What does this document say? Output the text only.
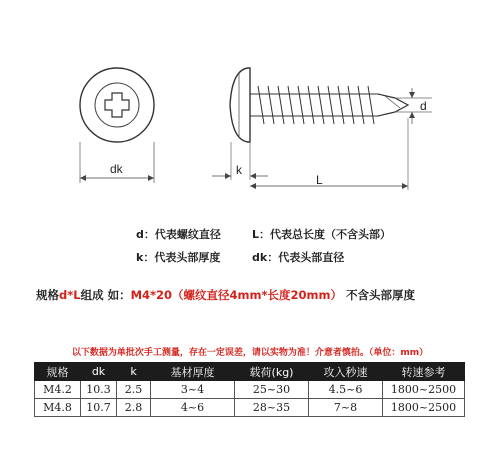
dk	k
L
d
d：代表螺纹直径	L：代表总长度（不含头部）
k：代表头部厚度	dk：代表头部直径
规格d*L组成 如：M4*20（螺纹直径4mm*长度20mm） 不含头部厚度
以下数据为单批次手工测量，存在一定误差，请以实物为准！介意者慎拍。（单位：mm）
规格	dk	k	基材厚度	载荷(kg)	攻入秒速	转速参考
M4.2	10.3	2.5	3~4	25~30	4.5~6	1800~2500
M4.8	10.7	2.8	4~6	28~35	7~8	1800~2500
